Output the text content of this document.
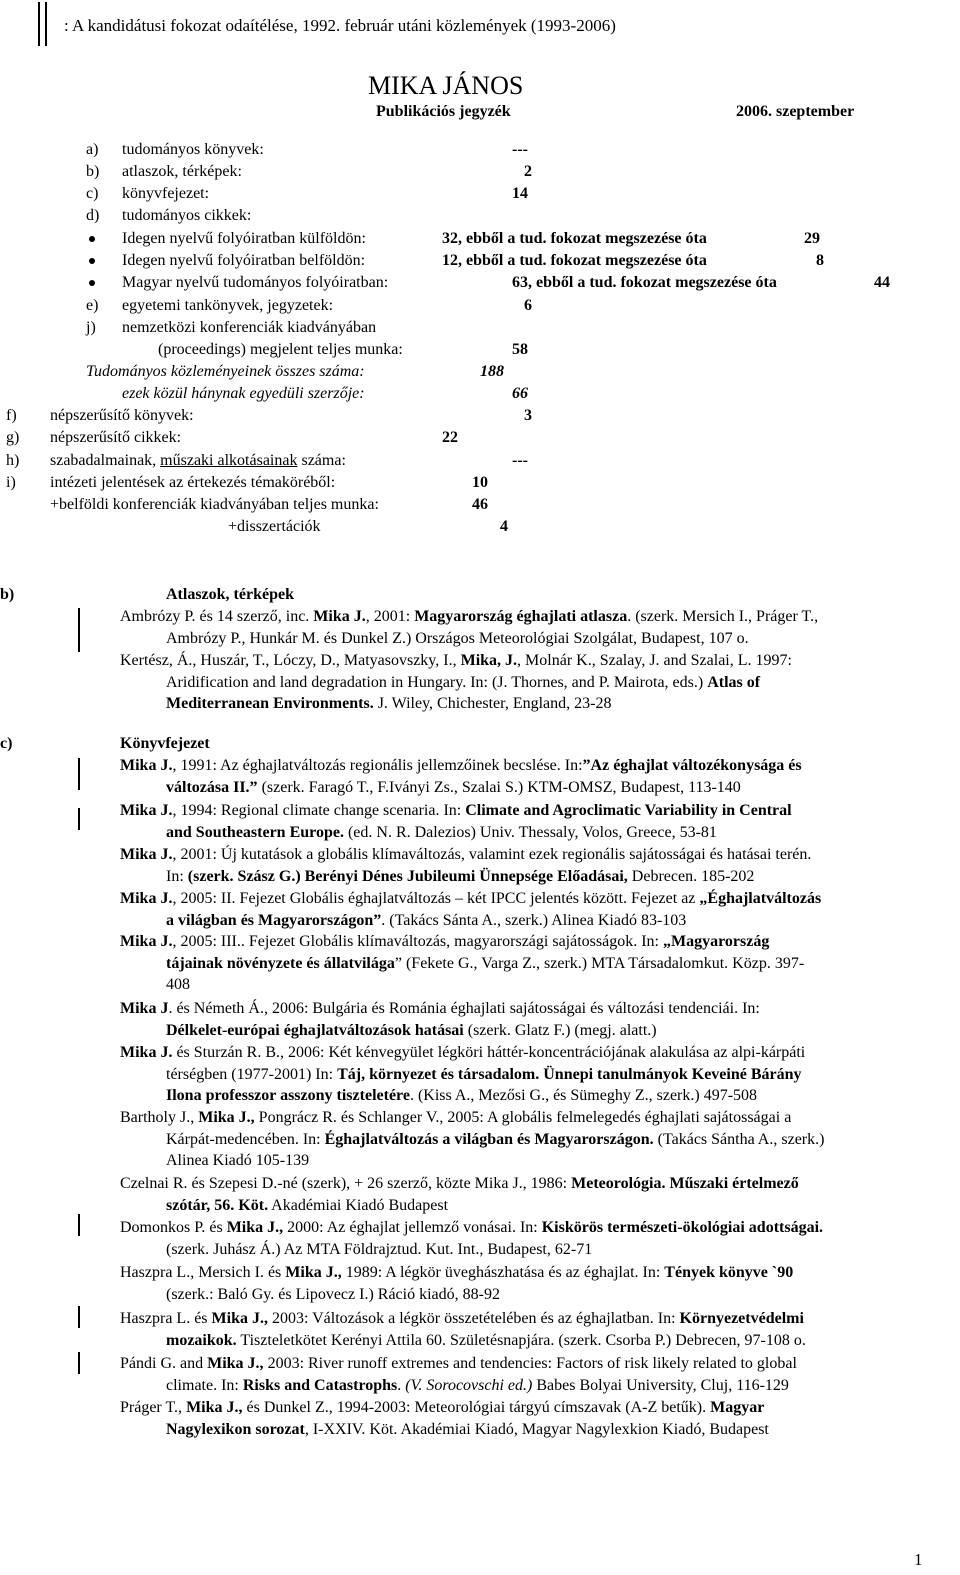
: A kandidátusi fokozat odaítélése, 1992. február utáni közlemények (1993-2006)
MIKA JÁNOS
Publikációs jegyzék	2006. szeptember
a) tudományos könyvek:	---
b) atlaszok, térképek:	2
c) könyvfejezet:	14
d) tudományos cikkek:
Idegen nyelvű folyóiratban külföldön:	32, ebből a tud. fokozat megszezése óta	29
Idegen nyelvű folyóiratban belföldön:	12, ebből a tud. fokozat megszezése óta	8
Magyar nyelvű tudományos folyóiratban:	63, ebből a tud. fokozat megszezése óta	44
e) egyetemi tankönyvek, jegyzetek:	6
j) nemzetközi konferenciák kiadványában
(proceedings) megjelent teljes munka:	58
Tudományos közleményeinek összes száma:	188
ezek közül hánynak egyedüli szerzője:	66
f) népszerűsítő könyvek:	3
g) népszerűsítő cikkek:	22
h) szabadalmainak, műszaki alkotásainak száma:	---
i) intézeti jelentések az értekezés témaköréből:	10
+belföldi konferenciák kiadványában teljes munka:	46
+disszertációk	4
b)	Atlaszok, térképek
Ambrózy P. és 14 szerző, inc. Mika J., 2001: Magyarország éghajlati atlasza. (szerk. Mersich I., Práger T.,
Ambrózy P., Hunkár M. és Dunkel Z.) Országos Meteorológiai Szolgálat, Budapest, 107 o.
Kertész, Á., Huszár, T., Lóczy, D., Matyasovszky, I., Mika, J., Molnár K., Szalay, J. and Szalai, L. 1997:
Aridification and land degradation in Hungary. In: (J. Thornes, and P. Mairota, eds.) Atlas of
Mediterranean Environments. J. Wiley, Chichester, England, 23-28
c)	Könyvfejezet
Mika J., 1991: Az éghajlatváltozás regionális jellemzőinek becslése. In:”Az éghajlat változékonysága és
változása II.” (szerk. Faragó T., F.Iványi Zs., Szalai S.) KTM-OMSZ, Budapest, 113-140
Mika J., 1994: Regional climate change scenaria. In: Climate and Agroclimatic Variability in Central
and Southeastern Europe. (ed. N. R. Dalezios) Univ. Thessaly, Volos, Greece, 53-81
Mika J., 2001: Új kutatások a globális klímaváltozás, valamint ezek regionális sajátosságai és hatásai terén.
In: (szerk. Szász G.) Berényi Dénes Jubileumi Ünnepsége Előadásai, Debrecen. 185-202
Mika J., 2005: II. Fejezet Globális éghajlatváltozás – két IPCC jelentés között. Fejezet az „Éghajlatváltozás
a világban és Magyarországon”. (Takács Sánta A., szerk.) Alinea Kiadó 83-103
Mika J., 2005: III.. Fejezet Globális klímaváltozás, magyarországi sajátosságok. In: „Magyarország
tájainak növényzete és állatvilága” (Fekete G., Varga Z., szerk.) MTA Társadalomkut. Közp. 397-
408
Mika J. és Németh Á., 2006: Bulgária és Románia éghajlati sajátosságai és változási tendenciái. In:
Délkelet-európai éghajlatváltozások hatásai (szerk. Glatz F.) (megj. alatt.)
Mika J. és Sturzán R. B., 2006: Két kénvegyület légköri háttér-koncentrációjának alakulása az alpi-kárpáti
térségben (1977-2001) In: Táj, környezet és társadalom. Ünnepi tanulmányok Keveiné Bárány
Ilona professzor asszony tiszteletére. (Kiss A., Mezősi G., és Sümeghy Z., szerk.) 497-508
Bartholy J., Mika J., Pongrácz R. és Schlanger V., 2005: A globális felmelegedés éghajlati sajátosságai a
Kárpát-medencében. In: Éghajlatváltozás a világban és Magyarországon. (Takács Sántha A., szerk.)
Alinea Kiadó 105-139
Czelnai R. és Szepesi D.-né (szerk), + 26 szerző, közte Mika J., 1986: Meteorológia. Műszaki értelmező
szótár, 56. Köt. Akadémiai Kiadó Budapest
Domonkos P. és Mika J., 2000: Az éghajlat jellemző vonásai. In: Kiskörös természeti-ökológiai adottságai.
(szerk. Juhász Á.) Az MTA Földrajztud. Kut. Int., Budapest, 62-71
Haszpra L., Mersich I. és Mika J., 1989: A légkör üveghászhatása és az éghajlat. In: Tények könyve `90
(szerk.: Baló Gy. és Lipovecz I.) Ráció kiadó, 88-92
Haszpra L. és Mika J., 2003: Változások a légkör összetételében és az éghajlatban. In: Környezetvédelmi
mozaikok. Tiszteletkötet Kerényi Attila 60. Születésnapjára. (szerk. Csorba P.) Debrecen, 97-108 o.
Pándi G. and Mika J., 2003: River runoff extremes and tendencies: Factors of risk likely related to global
climate. In: Risks and Catastrophs. (V. Sorocovschi ed.) Babes Bolyai University, Cluj, 116-129
Práger T., Mika J., és Dunkel Z., 1994-2003: Meteorológiai tárgyú címszavak (A-Z betűk). Magyar
Nagylexikon sorozat, I-XXIV. Köt. Akadémiai Kiadó, Magyar Nagylexkion Kiadó, Budapest
1
